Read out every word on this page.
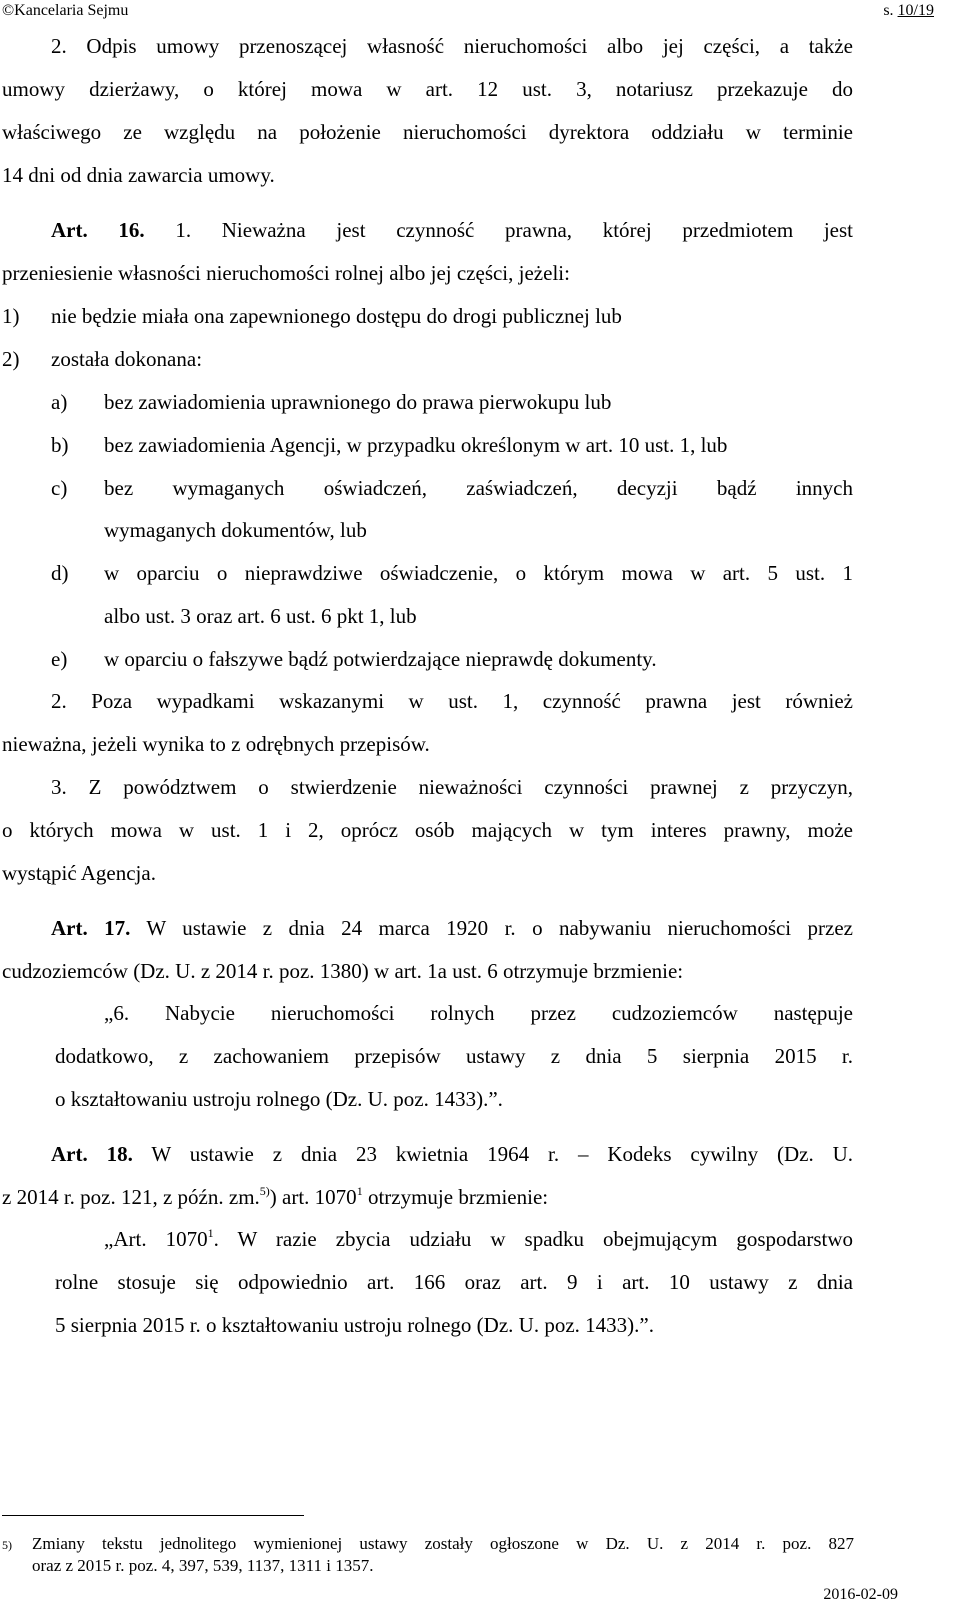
©Kancelaria Sejmu	s. 10/19
2. Odpis umowy przenoszącej własność nieruchomości albo jej części, a także
umowy dzierżawy, o której mowa w art. 12 ust. 3, notariusz przekazuje do
właściwego ze względu na położenie nieruchomości dyrektora oddziału w terminie
14 dni od dnia zawarcia umowy.
Art. 16. 1. Nieważna jest czynność prawna, której przedmiotem jest
przeniesienie własności nieruchomości rolnej albo jej części, jeżeli:
1) nie będzie miała ona zapewnionego dostępu do drogi publicznej lub
2) została dokonana:
a) bez zawiadomienia uprawnionego do prawa pierwokupu lub
b) bez zawiadomienia Agencji, w przypadku określonym w art. 10 ust. 1, lub
c) bez wymaganych oświadczeń, zaświadczeń, decyzji bądź innych
wymaganych dokumentów, lub
d) w oparciu o nieprawdziwe oświadczenie, o którym mowa w art. 5 ust. 1
albo ust. 3 oraz art. 6 ust. 6 pkt 1, lub
e) w oparciu o fałszywe bądź potwierdzające nieprawdę dokumenty.
2. Poza wypadkami wskazanymi w ust. 1, czynność prawna jest również
nieważna, jeżeli wynika to z odrębnych przepisów.
3. Z powództwem o stwierdzenie nieważności czynności prawnej z przyczyn,
o których mowa w ust. 1 i 2, oprócz osób mających w tym interes prawny, może
wystąpić Agencja.
Art. 17. W ustawie z dnia 24 marca 1920 r. o nabywaniu nieruchomości przez
cudzoziemców (Dz. U. z 2014 r. poz. 1380) w art. 1a ust. 6 otrzymuje brzmienie:
„6. Nabycie nieruchomości rolnych przez cudzoziemców następuje
dodatkowo, z zachowaniem przepisów ustawy z dnia 5 sierpnia 2015 r.
o kształtowaniu ustroju rolnego (Dz. U. poz. 1433).”.
Art. 18. W ustawie z dnia 23 kwietnia 1964 r. – Kodeks cywilny (Dz. U.
z 2014 r. poz. 121, z późn. zm.$^{5)}$) art. 1070$^1$ otrzymuje brzmienie:
„Art. 1070$^1$. W razie zbycia udziału w spadku obejmującym gospodarstwo
rolne stosuje się odpowiednio art. 166 oraz art. 9 i art. 10 ustawy z dnia
5 sierpnia 2015 r. o kształtowaniu ustroju rolnego (Dz. U. poz. 1433).”.
5) Zmiany tekstu jednolitego wymienionej ustawy zostały ogłoszone w Dz. U. z 2014 r. poz. 827
oraz z 2015 r. poz. 4, 397, 539, 1137, 1311 i 1357.
2016-02-09
